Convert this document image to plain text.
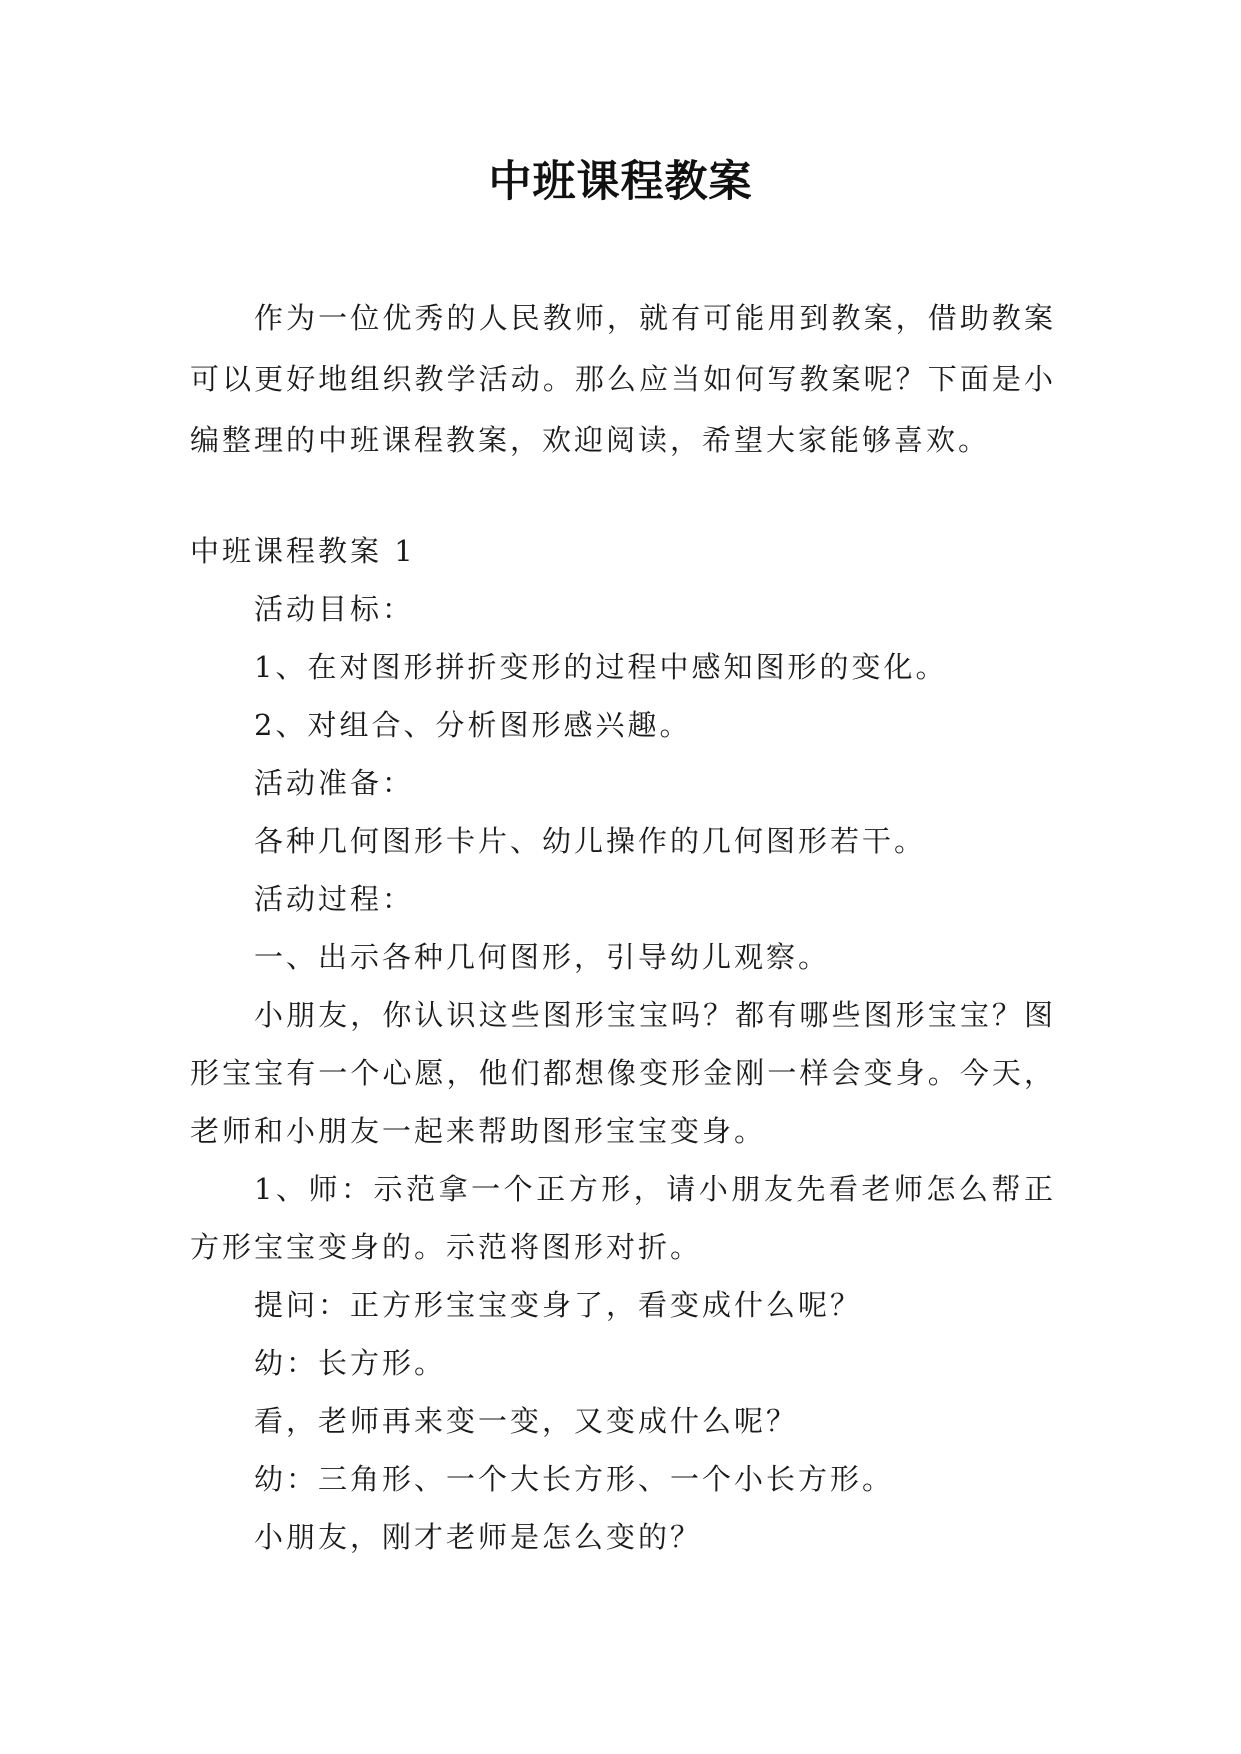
中班课程教案

作为一位优秀的人民教师，就有可能用到教案，借助教案可以更好地组织教学活动。那么应当如何写教案呢？下面是小编整理的中班课程教案，欢迎阅读，希望大家能够喜欢。

中班课程教案 1

活动目标：

1、在对图形拼折变形的过程中感知图形的变化。

2、对组合、分析图形感兴趣。

活动准备：

各种几何图形卡片、幼儿操作的几何图形若干。

活动过程：

一、出示各种几何图形，引导幼儿观察。

小朋友，你认识这些图形宝宝吗？都有哪些图形宝宝？图形宝宝有一个心愿，他们都想像变形金刚一样会变身。今天，老师和小朋友一起来帮助图形宝宝变身。

1、师：示范拿一个正方形，请小朋友先看老师怎么帮正方形宝宝变身的。示范将图形对折。

提问：正方形宝宝变身了，看变成什么呢？

幼：长方形。

看，老师再来变一变，又变成什么呢？

幼：三角形、一个大长方形、一个小长方形。

小朋友，刚才老师是怎么变的？
